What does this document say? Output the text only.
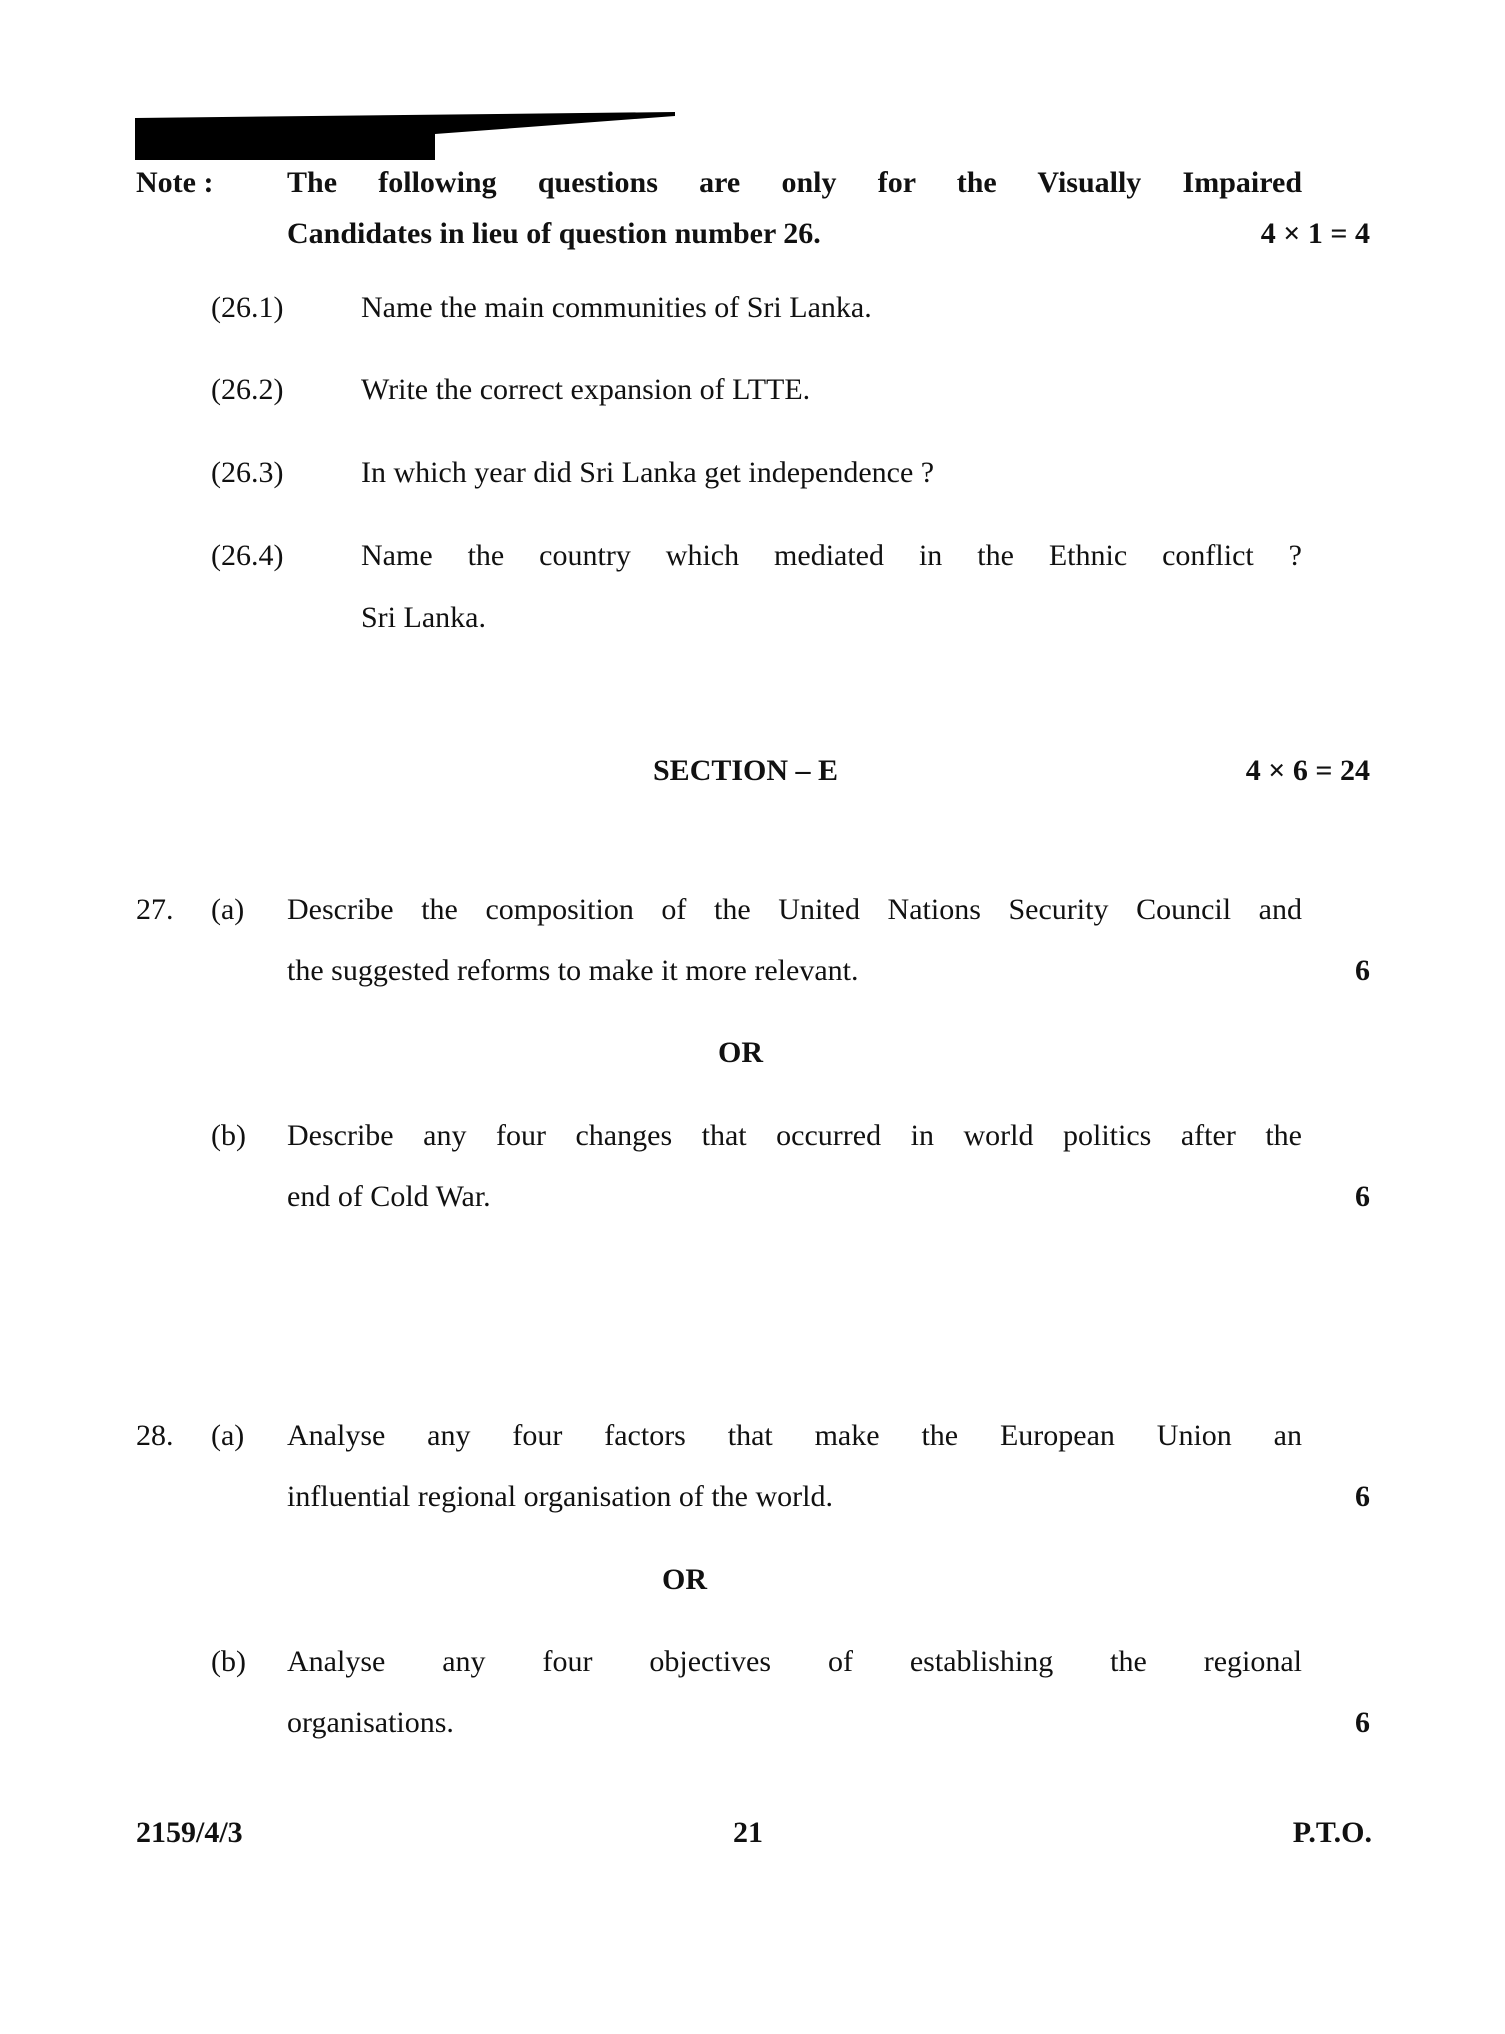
Note : The following questions are only for the Visually Impaired
Candidates in lieu of question number 26.	4 × 1 = 4
(26.1)	Name the main communities of Sri Lanka.
(26.2)	Write the correct expansion of LTTE.
(26.3)	In which year did Sri Lanka get independence ?
(26.4)	Name the country which mediated in the Ethnic conflict ?
Sri Lanka.
SECTION – E	4 × 6 = 24
27. (a) Describe the composition of the United Nations Security Council and
the suggested reforms to make it more relevant.	6
OR
(b) Describe any four changes that occurred in world politics after the
end of Cold War.	6
28. (a) Analyse any four factors that make the European Union an
influential regional organisation of the world.	6
OR
(b) Analyse any four objectives of establishing the regional
organisations.	6
2159/4/3	21	P.T.O.
